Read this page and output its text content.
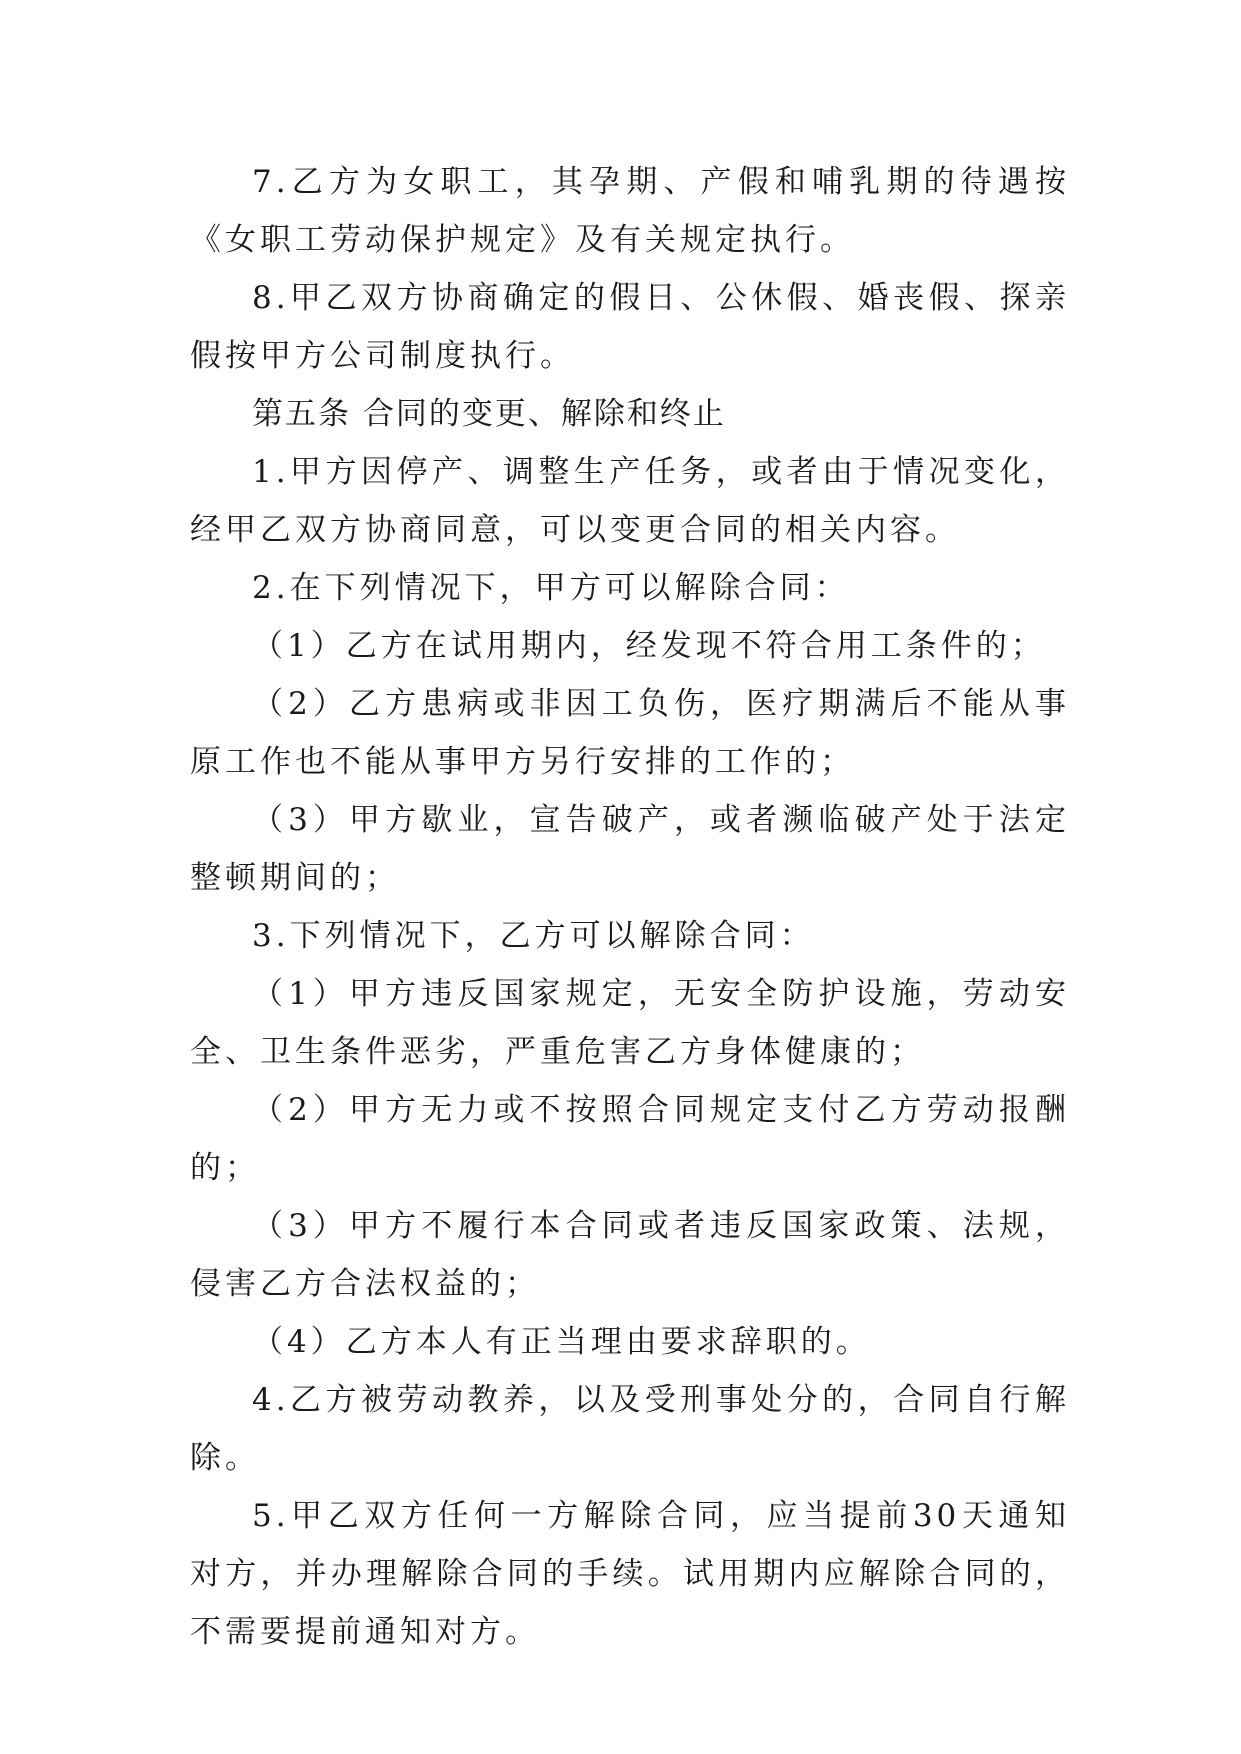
7.乙方为女职工，其孕期、产假和哺乳期的待遇按《女职工劳动保护规定》及有关规定执行。

8.甲乙双方协商确定的假日、公休假、婚丧假、探亲假按甲方公司制度执行。

第五条 合同的变更、解除和终止

1.甲方因停产、调整生产任务，或者由于情况变化，经甲乙双方协商同意，可以变更合同的相关内容。

2.在下列情况下，甲方可以解除合同：

（1）乙方在试用期内，经发现不符合用工条件的；

（2）乙方患病或非因工负伤，医疗期满后不能从事原工作也不能从事甲方另行安排的工作的；

（3）甲方歇业，宣告破产，或者濒临破产处于法定整顿期间的；

3.下列情况下，乙方可以解除合同：

（1）甲方违反国家规定，无安全防护设施，劳动安全、卫生条件恶劣，严重危害乙方身体健康的；

（2）甲方无力或不按照合同规定支付乙方劳动报酬的；

（3）甲方不履行本合同或者违反国家政策、法规，侵害乙方合法权益的；

（4）乙方本人有正当理由要求辞职的。

4.乙方被劳动教养，以及受刑事处分的，合同自行解除。

5.甲乙双方任何一方解除合同，应当提前30天通知对方，并办理解除合同的手续。试用期内应解除合同的，不需要提前通知对方。
